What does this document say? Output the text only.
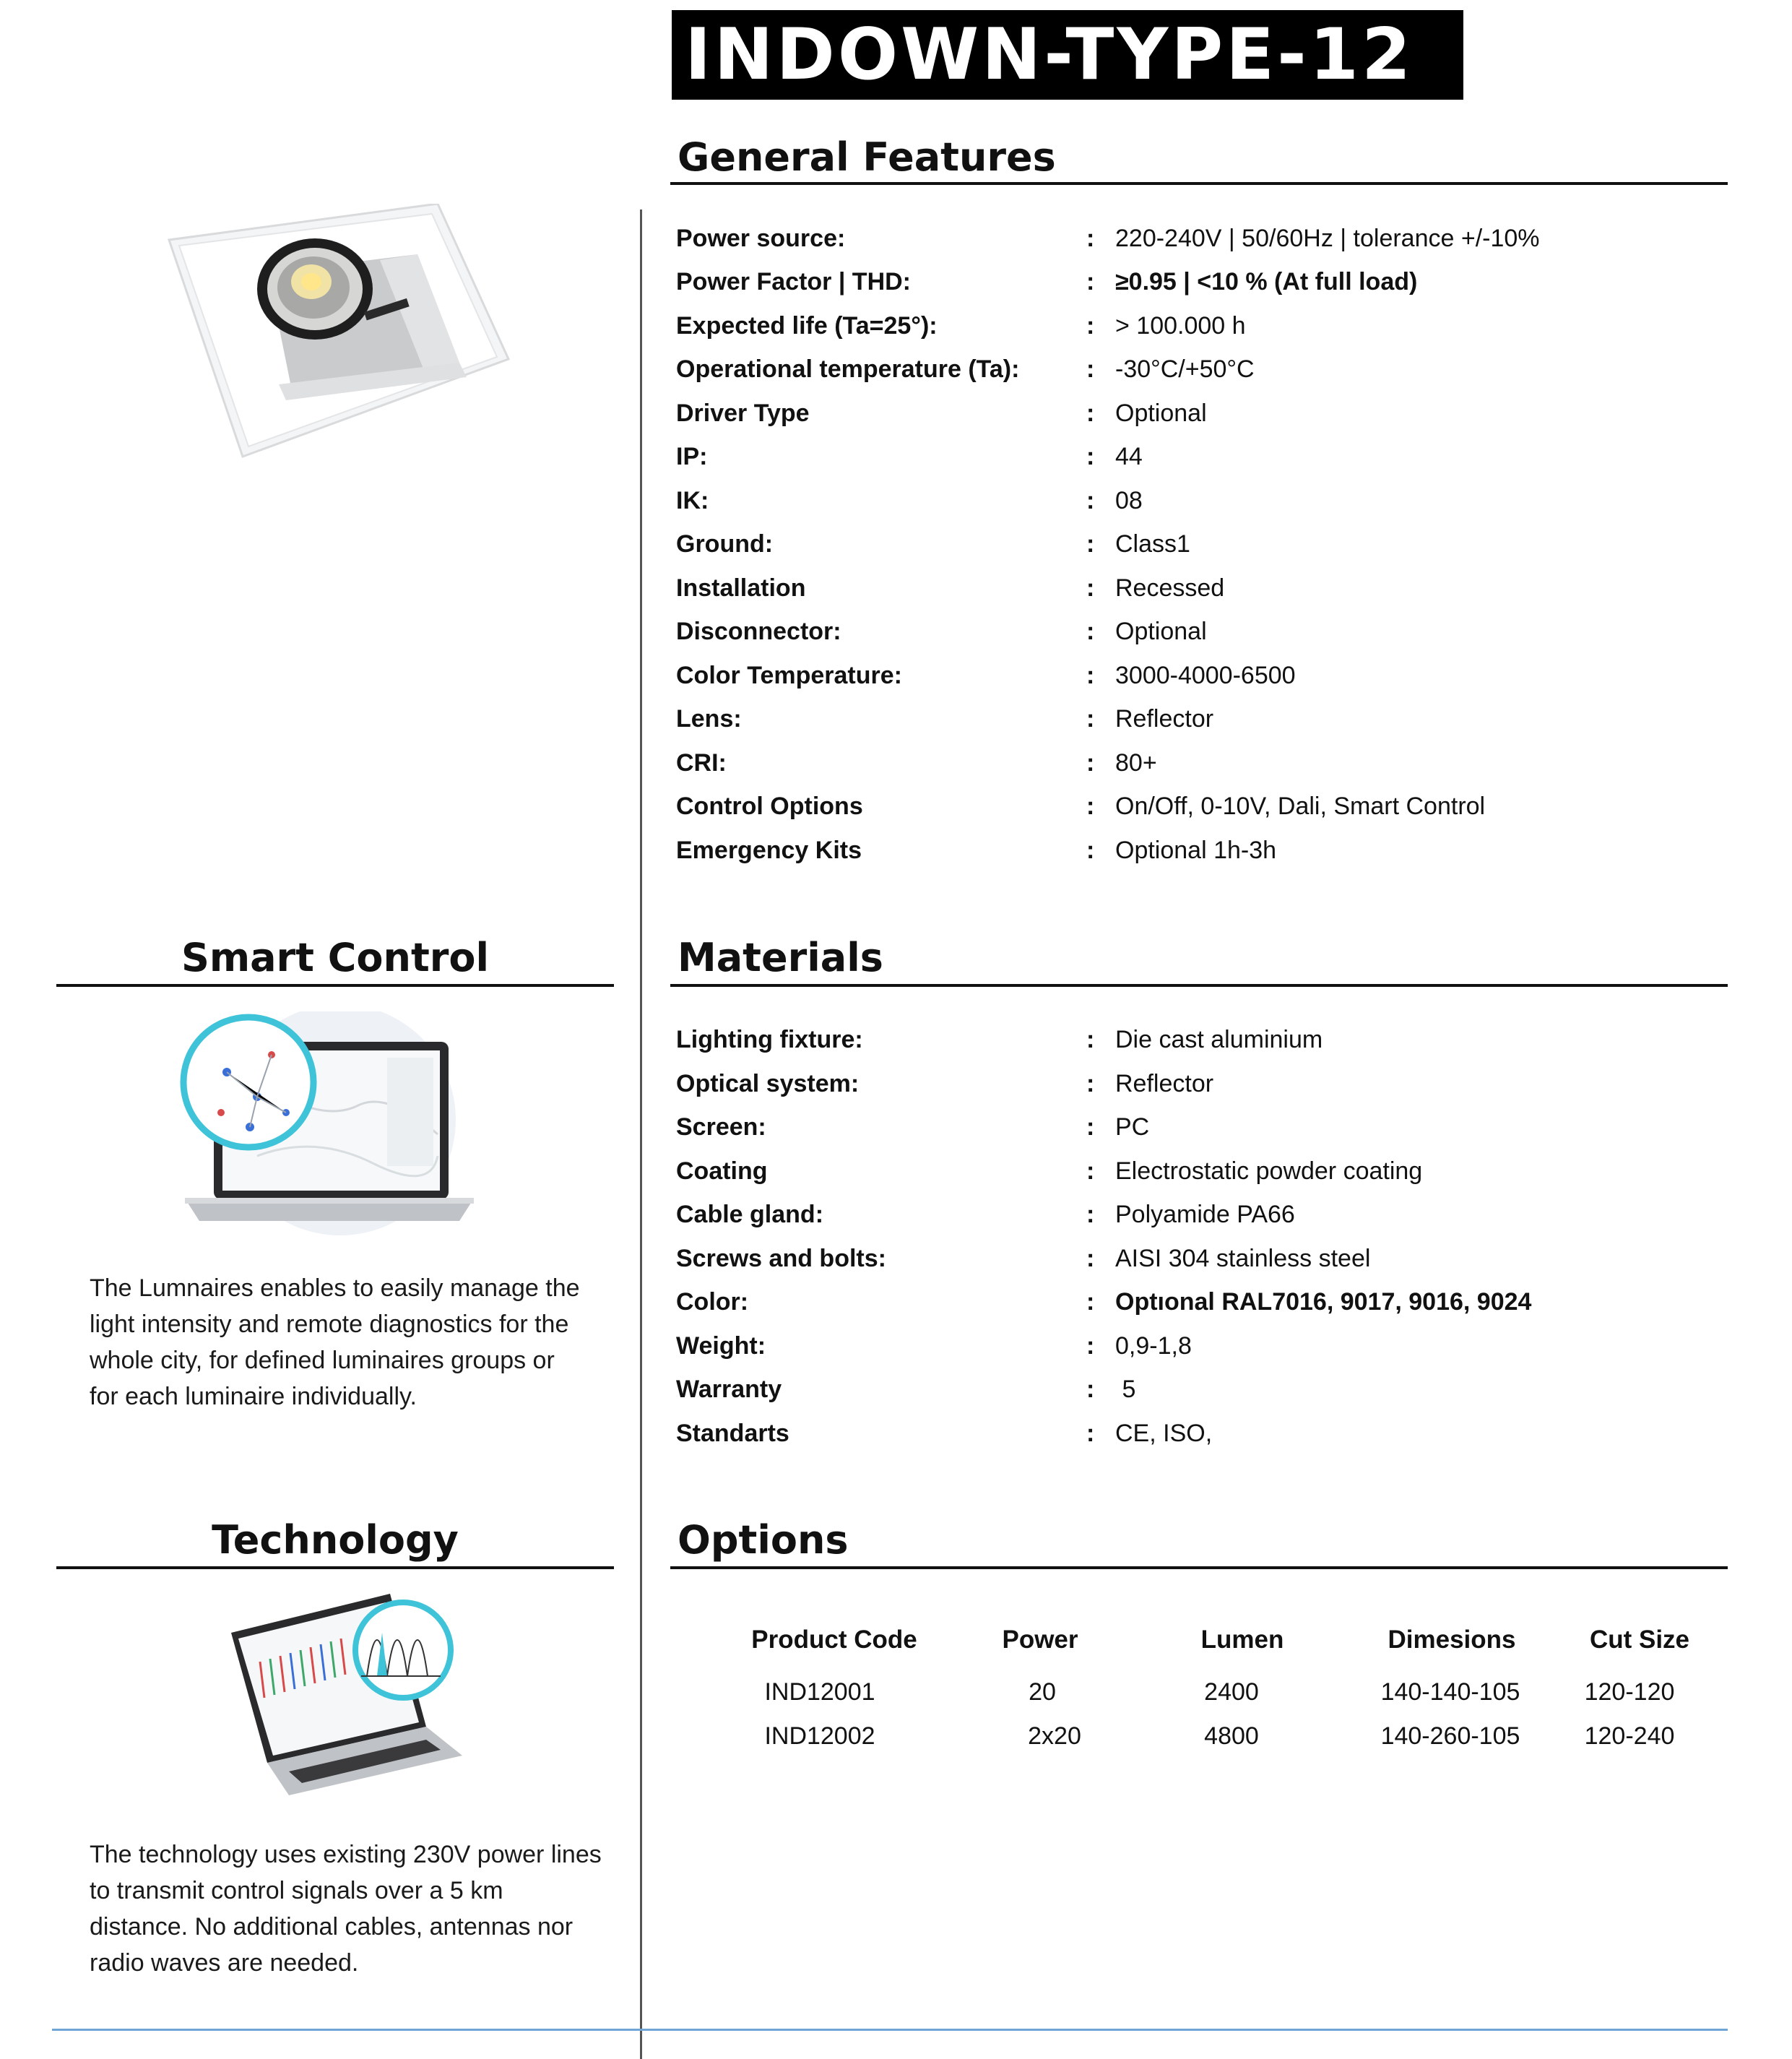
INDOWN-TYPE-12
General Features
Power source:	: 220-240V | 50/60Hz | tolerance +/-10%
Power Factor | THD:	: ≥0.95 | <10 % (At full load)
Expected life (Ta=25°):	: > 100.000 h
Operational temperature (Ta):	: -30°C/+50°C
Driver Type	: Optional
IP:	: 44
IK:	: 08
Ground:	: Class1
Installation	: Recessed
Disconnector:	: Optional
Color Temperature:	: 3000-4000-6500
Lens:	: Reflector
CRI:	: 80+
Control Options	: On/Off, 0-10V, Dali, Smart Control
Emergency Kits	: Optional 1h-3h
Smart Control
The Lumnaires enables to easily manage the
light intensity and remote diagnostics for the
whole city, for defined luminaires groups or
for each luminaire individually.
Materials
Lighting fixture:	: Die cast aluminium
Optical system:	: Reflector
Screen:	: PC
Coating	: Electrostatic powder coating
Cable gland:	: Polyamide PA66
Screws and bolts:	: AISI 304 stainless steel
Color:	: Optıonal RAL7016, 9017, 9016, 9024
Weight:	: 0,9-1,8
Warranty	: 5
Standarts	: CE, ISO,
Technology
The technology uses existing 230V power lines
to transmit control signals over a 5 km
distance. No additional cables, antennas nor
radio waves are needed.
Options
Product Code	Power	Lumen	Dimesions	Cut Size
IND12001	20	2400	140-140-105	120-120
IND12002	2x20	4800	140-260-105	120-240
